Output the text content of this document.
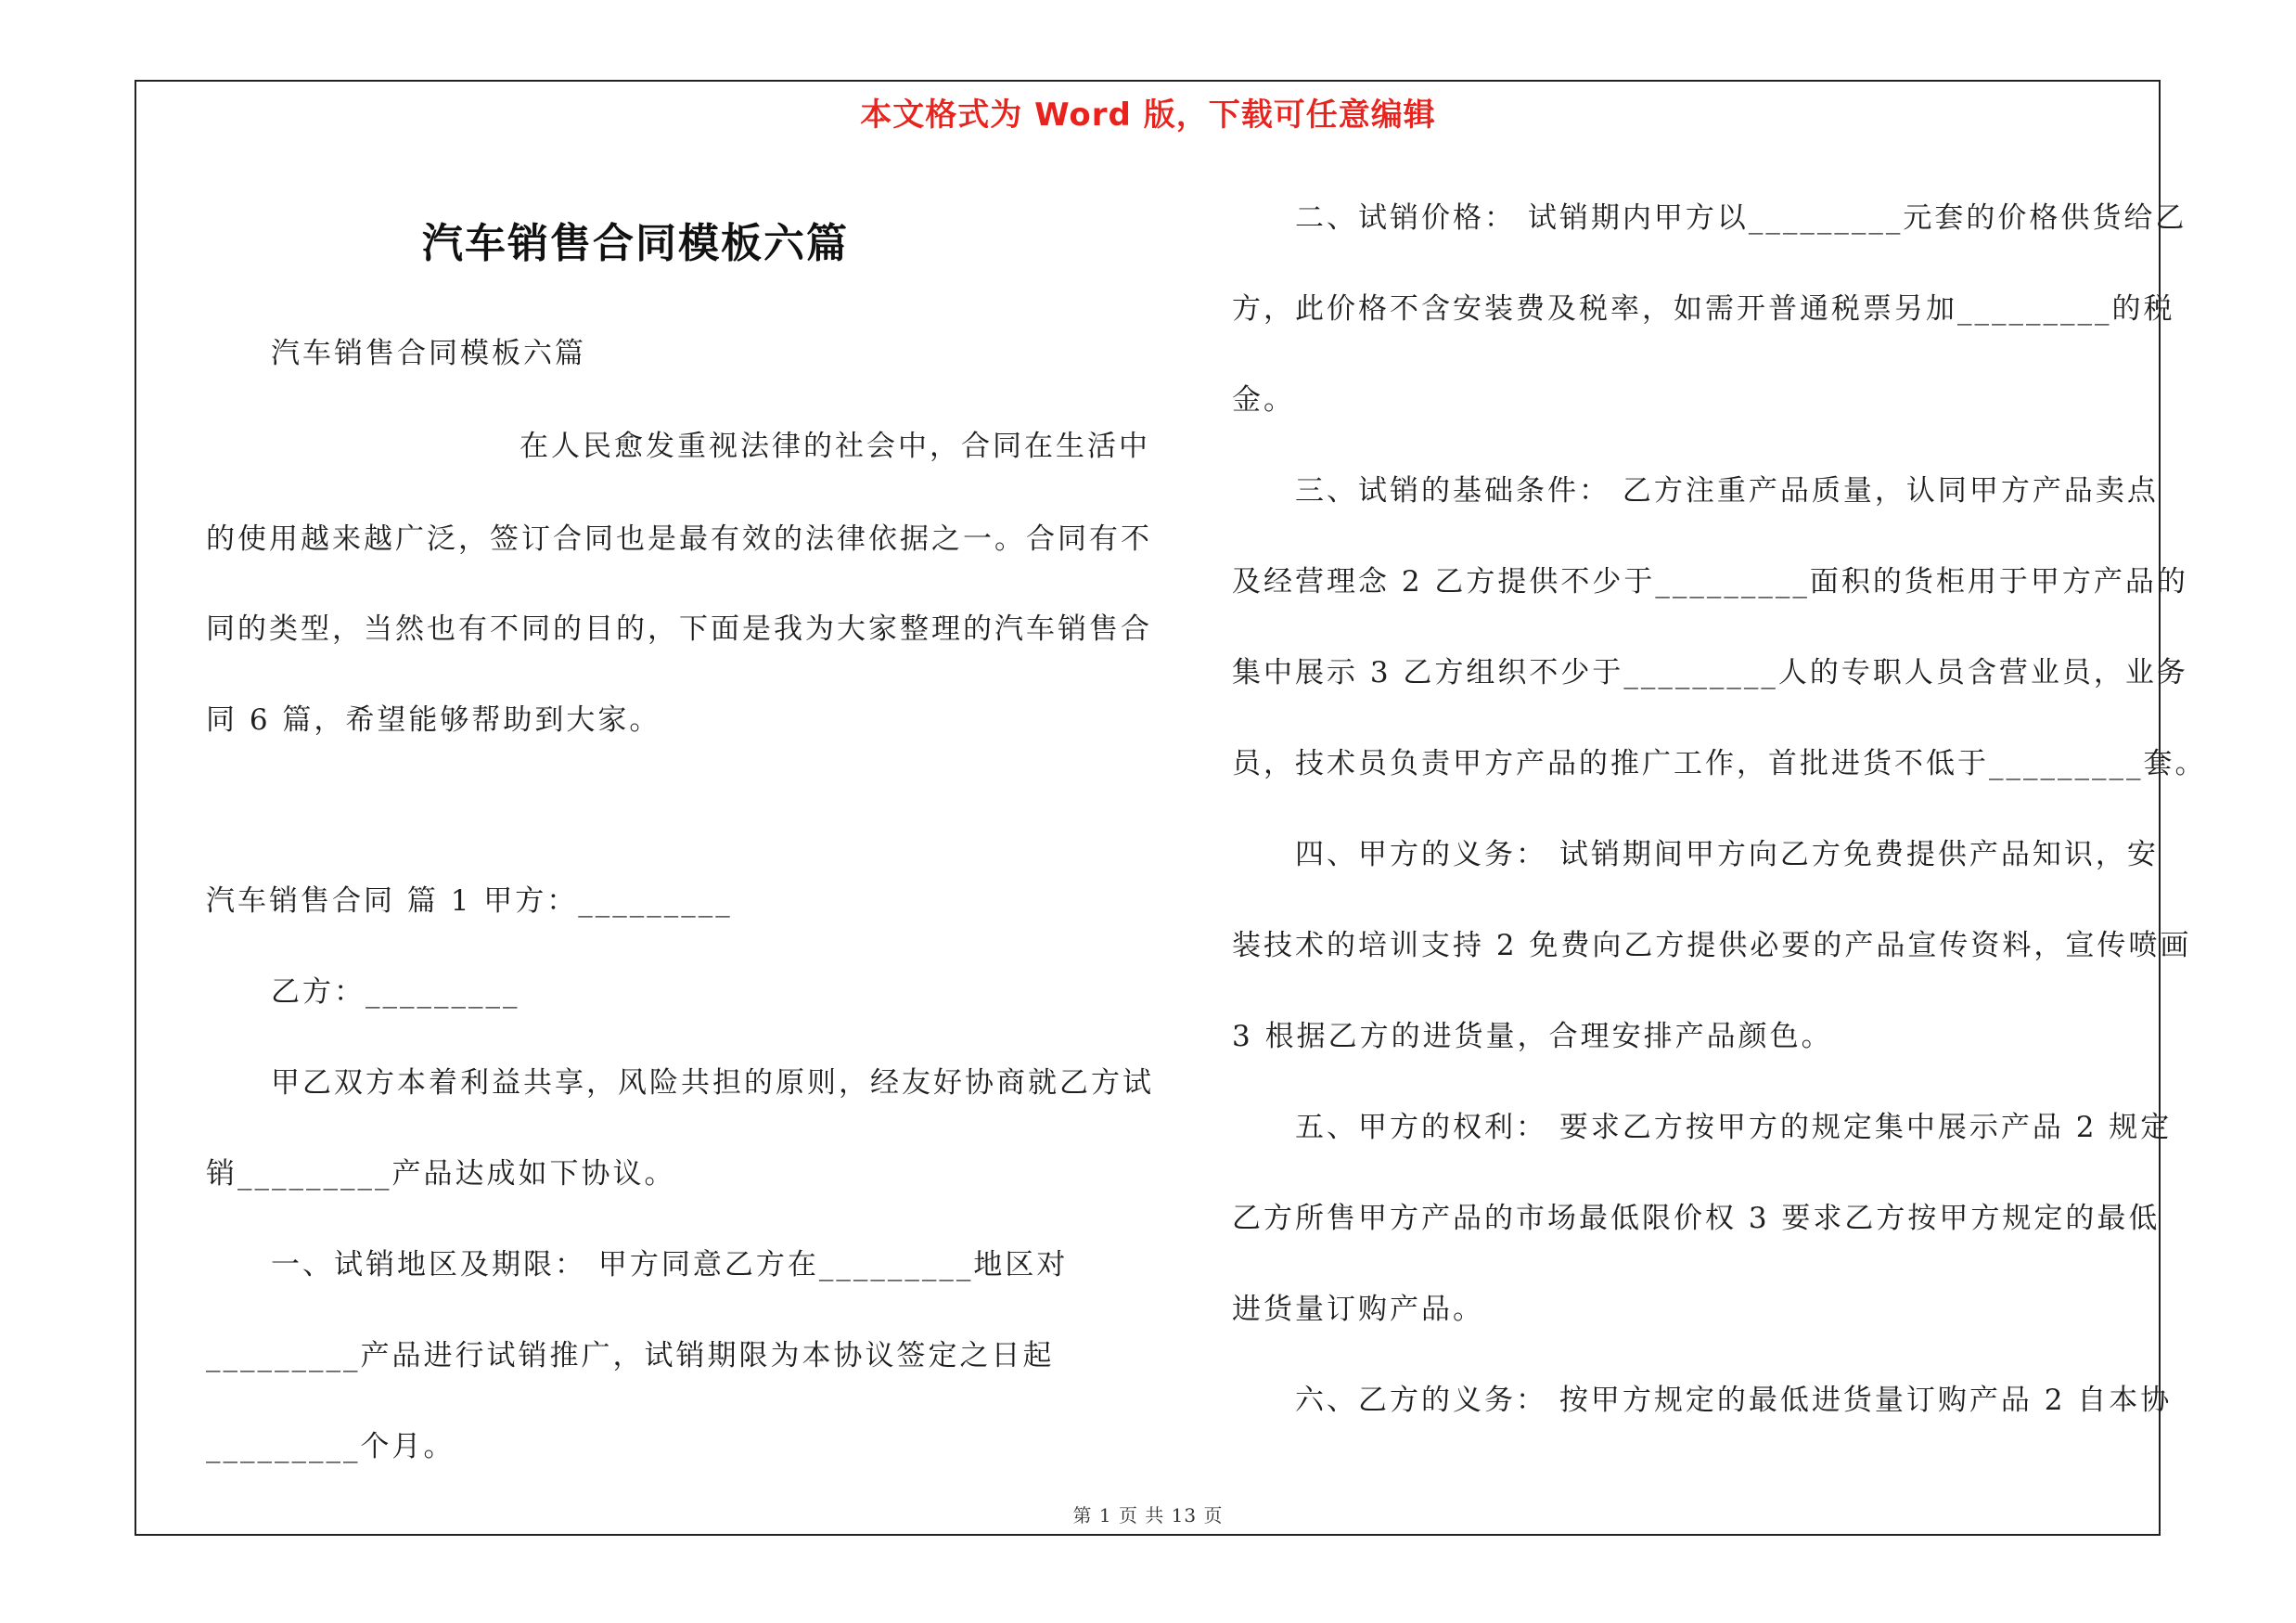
本文格式为 Word 版，下载可任意编辑
汽车销售合同模板六篇
汽车销售合同模板六篇
在人民愈发重视法律的社会中，合同在生活中
的使用越来越广泛，签订合同也是最有效的法律依据之一。合同有不
同的类型，当然也有不同的目的，下面是我为大家整理的汽车销售合
同 6 篇，希望能够帮助到大家。
汽车销售合同 篇 1 甲方：_________
乙方：_________
甲乙双方本着利益共享，风险共担的原则，经友好协商就乙方试
销_________产品达成如下协议。
一、试销地区及期限： 甲方同意乙方在_________地区对
_________产品进行试销推广，试销期限为本协议签定之日起
_________个月。
二、试销价格： 试销期内甲方以_________元套的价格供货给乙
方，此价格不含安装费及税率，如需开普通税票另加_________的税
金。
三、试销的基础条件： 乙方注重产品质量，认同甲方产品卖点
及经营理念 2 乙方提供不少于_________面积的货柜用于甲方产品的
集中展示 3 乙方组织不少于_________人的专职人员含营业员，业务
员，技术员负责甲方产品的推广工作，首批进货不低于_________套。
四、甲方的义务： 试销期间甲方向乙方免费提供产品知识，安
装技术的培训支持 2 免费向乙方提供必要的产品宣传资料，宣传喷画
3 根据乙方的进货量，合理安排产品颜色。
五、甲方的权利： 要求乙方按甲方的规定集中展示产品 2 规定
乙方所售甲方产品的市场最低限价权 3 要求乙方按甲方规定的最低
进货量订购产品。
六、乙方的义务： 按甲方规定的最低进货量订购产品 2 自本协
第 1 页 共 13 页
